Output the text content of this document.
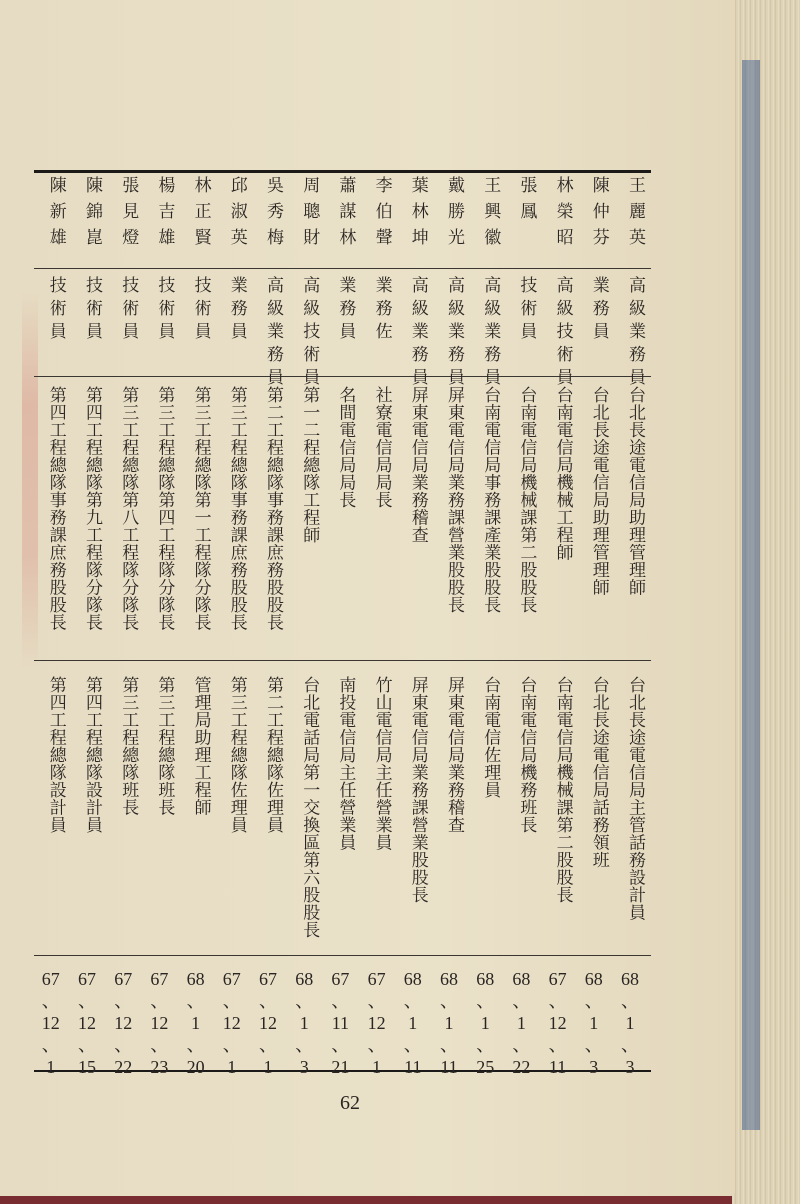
王麗英
高級業務員
台北長途電信局助理管理師
台北長途電信局主管話務設計員
68
、
1
、
3
陳仲芬
業務員
台北長途電信局助理管理師
台北長途電信局話務領班
68
、
1
、
3
林榮昭
高級技術員
台南電信局機械工程師
台南電信局機械課第二股股長
67
、
12
、
11
張鳳
技術員
台南電信局機械課第二股股長
台南電信局機務班長
68
、
1
、
22
王興徽
高級業務員
台南電信局事務課產業股股長
台南電信佐理員
68
、
1
、
25
戴勝光
高級業務員
屏東電信局業務課營業股股長
屏東電信局業務稽查
68
、
1
、
11
葉林坤
高級業務員
屏東電信局業務稽查
屏東電信局業務課營業股股長
68
、
1
、
11
李伯聲
業務佐
社寮電信局局長
竹山電信局主任營業員
67
、
12
、
1
蕭謀林
業務員
名間電信局局長
南投電信局主任營業員
67
、
11
、
21
周聰財
高級技術員
第一二程總隊工程師
台北電話局第一交換區第六股股長
68
、
1
、
3
吳秀梅
高級業務員
第二工程總隊事務課庶務股股長
第二工程總隊佐理員
67
、
12
、
1
邱淑英
業務員
第三工程總隊事務課庶務股股長
第三工程總隊佐理員
67
、
12
、
1
林正賢
技術員
第三工程總隊第一工程隊分隊長
管理局助理工程師
68
、
1
、
20
楊吉雄
技術員
第三工程總隊第四工程隊分隊長
第三工程總隊班長
67
、
12
、
23
張見燈
技術員
第三工程總隊第八工程隊分隊長
第三工程總隊班長
67
、
12
、
22
陳錦崑
技術員
第四工程總隊第九工程隊分隊長
第四工程總隊設計員
67
、
12
、
15
陳新雄
技術員
第四工程總隊事務課庶務股股長
第四工程總隊設計員
67
、
12
、
1
62
